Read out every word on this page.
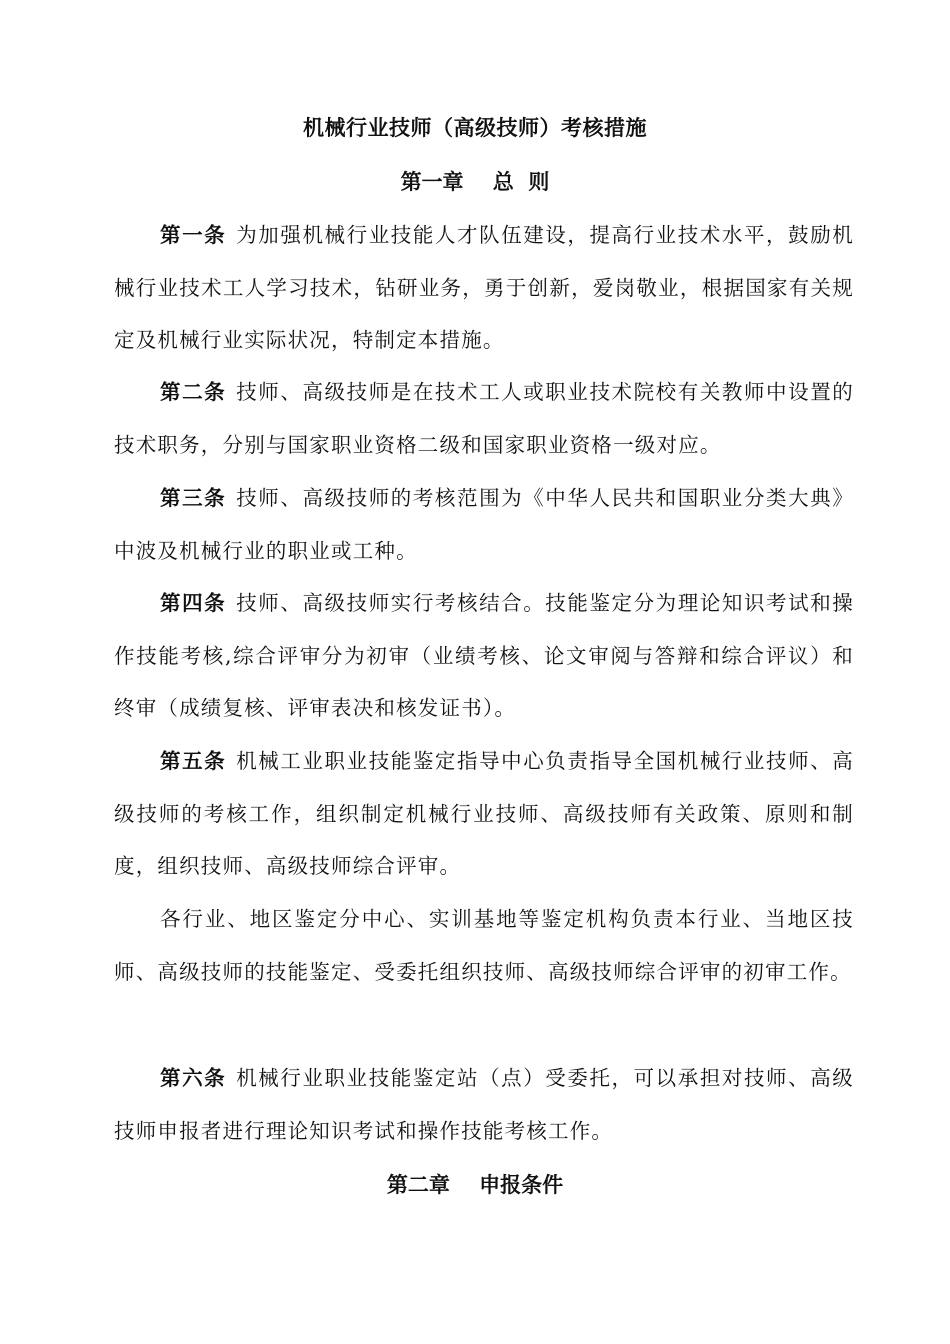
机械行业技师（高级技师）考核措施
第一章    总  则

第一条 为加强机械行业技能人才队伍建设，提高行业技术水平，鼓励机械行业技术工人学习技术，钻研业务，勇于创新，爱岗敬业，根据国家有关规定及机械行业实际状况，特制定本措施。

第二条 技师、高级技师是在技术工人或职业技术院校有关教师中设置的技术职务，分别与国家职业资格二级和国家职业资格一级对应。

第三条 技师、高级技师的考核范围为《中华人民共和国职业分类大典》中波及机械行业的职业或工种。

第四条 技师、高级技师实行考核结合。技能鉴定分为理论知识考试和操作技能考核,综合评审分为初审（业绩考核、论文审阅与答辩和综合评议）和终审（成绩复核、评审表决和核发证书）。

第五条 机械工业职业技能鉴定指导中心负责指导全国机械行业技师、高级技师的考核工作，组织制定机械行业技师、高级技师有关政策、原则和制度，组织技师、高级技师综合评审。

各行业、地区鉴定分中心、实训基地等鉴定机构负责本行业、当地区技师、高级技师的技能鉴定、受委托组织技师、高级技师综合评审的初审工作。

第六条 机械行业职业技能鉴定站（点）受委托，可以承担对技师、高级技师申报者进行理论知识考试和操作技能考核工作。

第二章    申报条件
